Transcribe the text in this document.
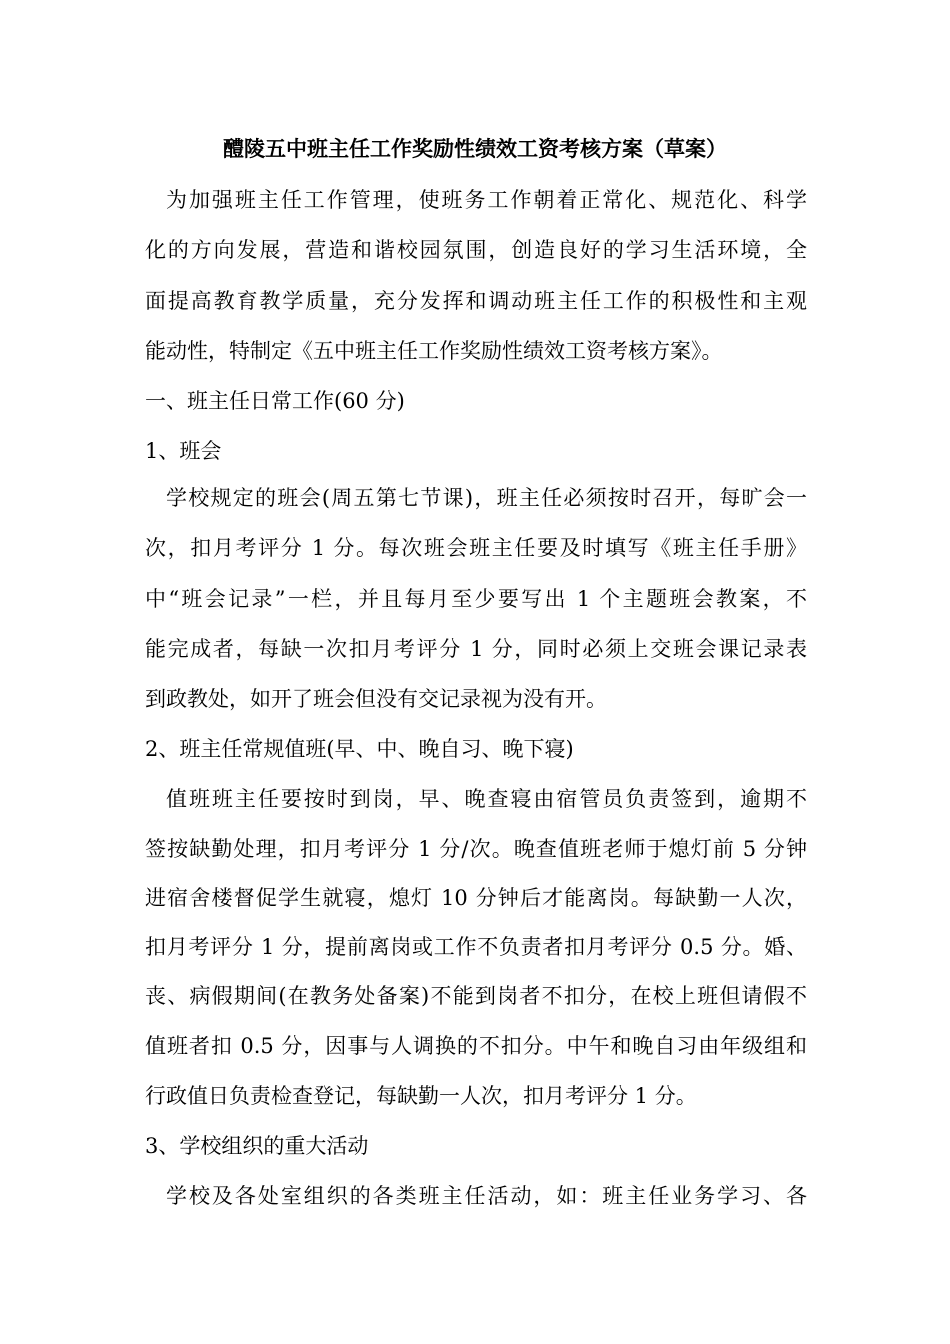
醴陵五中班主任工作奖励性绩效工资考核方案（草案）
为加强班主任工作管理，使班务工作朝着正常化、规范化、科学
化的方向发展，营造和谐校园氛围，创造良好的学习生活环境，全
面提高教育教学质量，充分发挥和调动班主任工作的积极性和主观
能动性，特制定《五中班主任工作奖励性绩效工资考核方案》。
一、班主任日常工作(60 分)
1、班会
学校规定的班会(周五第七节课)，班主任必须按时召开，每旷会一
次，扣月考评分 1 分。每次班会班主任要及时填写《班主任手册》
中“班会记录”一栏，并且每月至少要写出 1 个主题班会教案，不
能完成者，每缺一次扣月考评分 1 分，同时必须上交班会课记录表
到政教处，如开了班会但没有交记录视为没有开。
2、班主任常规值班(早、中、晚自习、晚下寝)
值班班主任要按时到岗，早、晚查寝由宿管员负责签到，逾期不
签按缺勤处理，扣月考评分 1 分/次。晚查值班老师于熄灯前 5 分钟
进宿舍楼督促学生就寝，熄灯 10 分钟后才能离岗。每缺勤一人次，
扣月考评分 1 分，提前离岗或工作不负责者扣月考评分 0.5 分。婚、
丧、病假期间(在教务处备案)不能到岗者不扣分，在校上班但请假不
值班者扣 0.5 分，因事与人调换的不扣分。中午和晚自习由年级组和
行政值日负责检查登记，每缺勤一人次，扣月考评分 1 分。
3、学校组织的重大活动
学校及各处室组织的各类班主任活动，如：班主任业务学习、各
